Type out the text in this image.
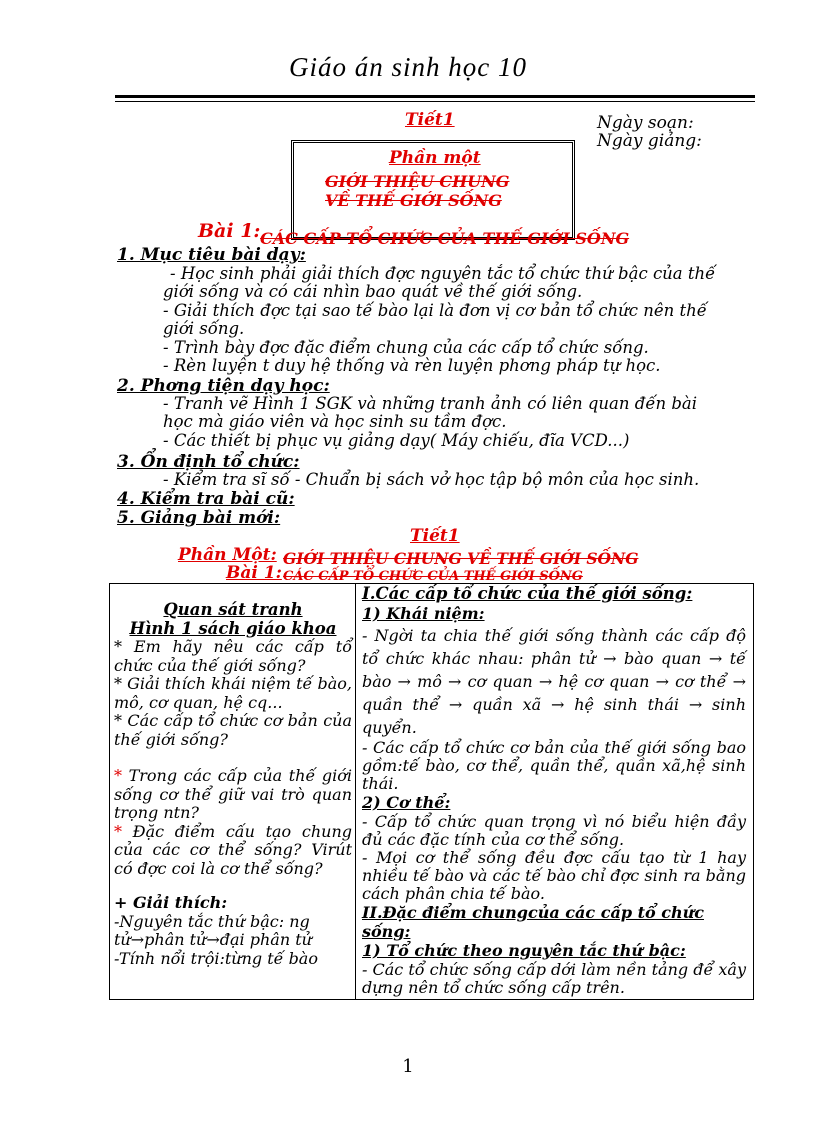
Giáo án sinh học 10
Tiết1	Ngày soạn:
Ngày giảng:
Phần một
GIỚI THIỆU CHUNG
VỀ THẾ GIỚI SỐNG
Bài 1: CÁC CẤP TỔ CHỨC CỦA THẾ GIỚI SỐNG
1. Mục tiêu bài dạy:
- Học sinh phải giải thích đợc nguyên tắc tổ chức thứ bậc của thế
giới sống và có cái nhìn bao quát về thế giới sống.
- Giải thích đợc tại sao tế bào lại là đơn vị cơ bản tổ chức nên thế
giới sống.
- Trình bày đợc đặc điểm chung của các cấp tổ chức sống.
- Rèn luyện t duy hệ thống và rèn luyện phơng pháp tự học.
2. Phơng tiện dạy học:
- Tranh vẽ Hình 1 SGK và những tranh ảnh có liên quan đến bài
học mà giáo viên và học sinh su tầm đợc.
- Các thiết bị phục vụ giảng dạy( Máy chiếu, đĩa VCD...)
3. Ổn định tổ chức:
- Kiểm tra sĩ số - Chuẩn bị sách vở học tập bộ môn của học sinh.
4. Kiểm tra bài cũ:
5. Giảng bài mới:
Tiết1
Phần Một: GIỚI THIỆU CHUNG VỀ THẾ GIỚI SỐNG
Bài 1: CÁC CẤP TỔ CHỨC CỦA THẾ GIỚI SỐNG

Quan sát tranh

Hình 1 sách giáo khoa

* Em hãy nêu các cấp tổ chức của thế giới sống?

* Giải thích khái niệm tế bào, mô, cơ quan, hệ cq...

* Các cấp tổ chức cơ bản của thế giới sống?

* Trong các cấp của thế giới sống cơ thể giữ vai trò quan trọng ntn?

* Đặc điểm cấu tạo chung của các cơ thể sống? Virút có đợc coi là cơ thể sống?

+ Giải thích:

-Nguyên tắc thứ bậc: ng tử→phân tử→đại phân tử

-Tính nổi trội:từng tế bào

I.Các cấp tổ chức của thế giới sống:

1) Khái niệm:

- Ngời ta chia thế giới sống thành các cấp độ tổ chức khác nhau: phân tử → bào quan → tế bào → mô → cơ quan → hệ cơ quan → cơ thể → quần thể → quần xã → hệ sinh thái → sinh quyển.

- Các cấp tổ chức cơ bản của thế giới sống bao gồm:tế bào, cơ thể, quần thể, quần xã,hệ sinh thái.

2) Cơ thể:

- Cấp tổ chức quan trọng vì nó biểu hiện đầy đủ các đặc tính của cơ thể sống.

- Mọi cơ thể sống đều đợc cấu tạo từ 1 hay nhiều tế bào và các tế bào chỉ đợc sinh ra bằng cách phân chia tế bào.

II.Đặc điểm chungcủa các cấp tổ chức sống:

1) Tổ chức theo nguyên tắc thứ bậc:

- Các tổ chức sống cấp dới làm nền tảng để xây dựng nên tổ chức sống cấp trên.

1
